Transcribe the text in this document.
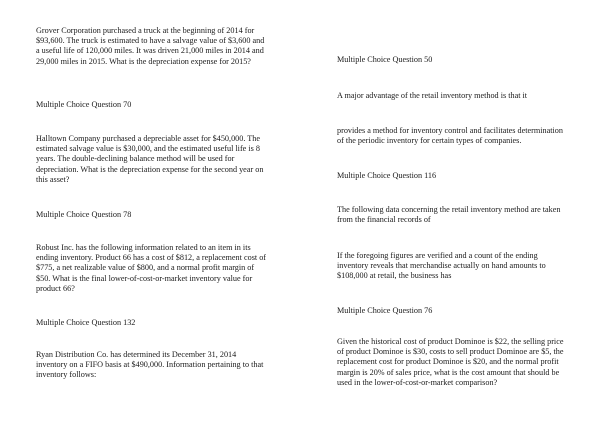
Grover Corporation purchased a truck at the beginning of 2014 for
$93,600. The truck is estimated to have a salvage value of $3,600 and
a useful life of 120,000 miles. It was driven 21,000 miles in 2014 and
29,000 miles in 2015. What is the depreciation expense for 2015?

Multiple Choice Question 70

Halltown Company purchased a depreciable asset for $450,000. The
estimated salvage value is $30,000, and the estimated useful life is 8
years. The double-declining balance method will be used for
depreciation. What is the depreciation expense for the second year on
this asset?

Multiple Choice Question 78

Robust Inc. has the following information related to an item in its
ending inventory. Product 66 has a cost of $812, a replacement cost of
$775, a net realizable value of $800, and a normal profit margin of
$50. What is the final lower-of-cost-or-market inventory value for
product 66?

Multiple Choice Question 132

Ryan Distribution Co. has determined its December 31, 2014
inventory on a FIFO basis at $490,000. Information pertaining to that
inventory follows:

Multiple Choice Question 50

A major advantage of the retail inventory method is that it

provides a method for inventory control and facilitates determination
of the periodic inventory for certain types of companies.

Multiple Choice Question 116

The following data concerning the retail inventory method are taken
from the financial records of

If the foregoing figures are verified and a count of the ending
inventory reveals that merchandise actually on hand amounts to
$108,000 at retail, the business has

Multiple Choice Question 76

Given the historical cost of product Dominoe is $22, the selling price
of product Dominoe is $30, costs to sell product Dominoe are $5, the
replacement cost for product Dominoe is $20, and the normal profit
margin is 20% of sales price, what is the cost amount that should be
used in the lower-of-cost-or-market comparison?
